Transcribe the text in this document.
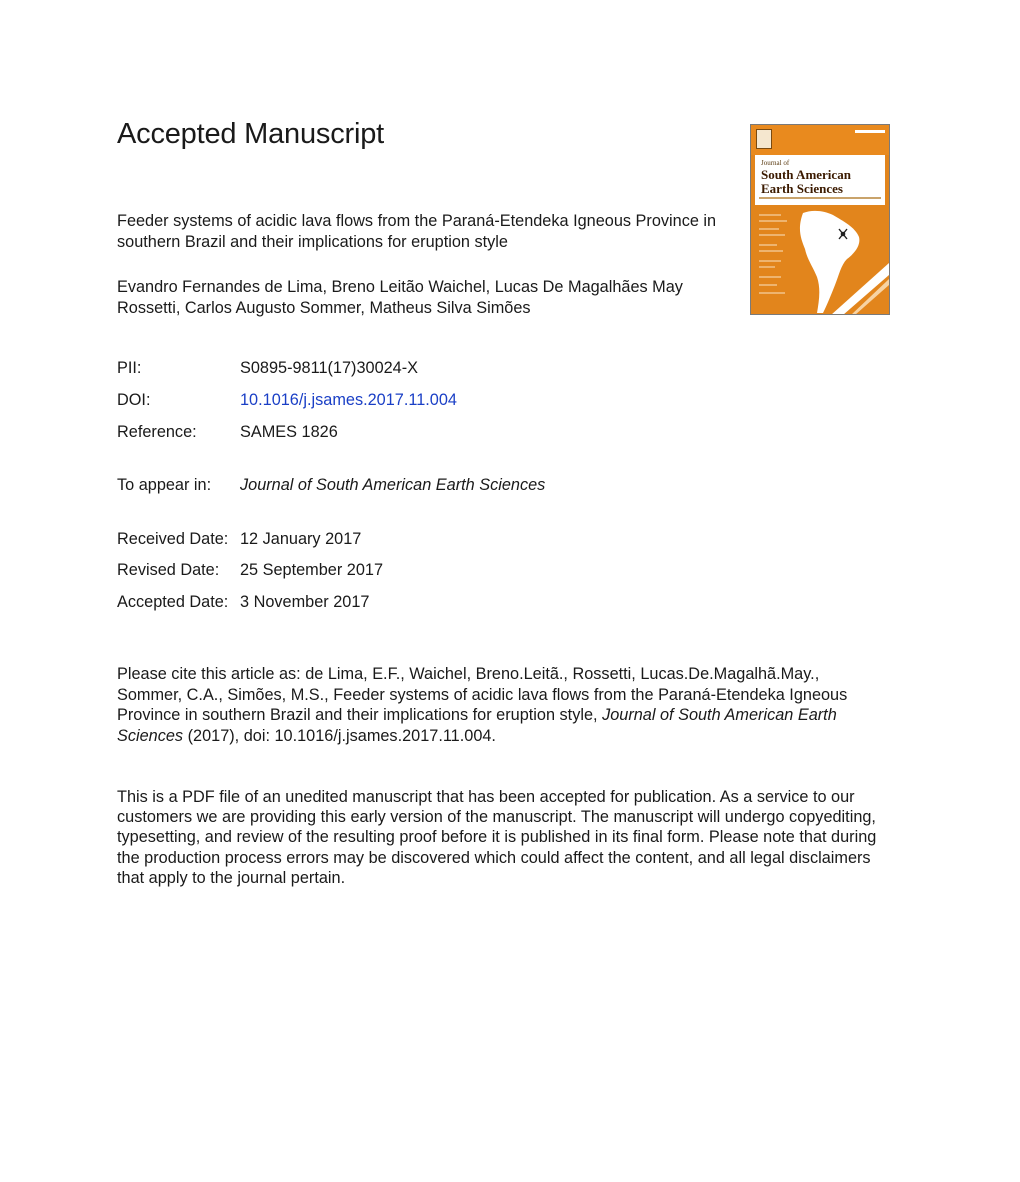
Accepted Manuscript
Feeder systems of acidic lava flows from the Paraná-Etendeka Igneous Province in southern Brazil and their implications for eruption style
Evandro Fernandes de Lima, Breno Leitão Waichel, Lucas De Magalhães May Rossetti, Carlos Augusto Sommer, Matheus Silva Simões
PII:	S0895-9811(17)30024-X
DOI:	10.1016/j.jsames.2017.11.004
Reference:	SAMES 1826
To appear in: Journal of South American Earth Sciences
Received Date: 12 January 2017
Revised Date: 25 September 2017
Accepted Date: 3 November 2017
Please cite this article as: de Lima, E.F., Waichel, Breno.Leitã., Rossetti, Lucas.De.Magalhã.May., Sommer, C.A., Simões, M.S., Feeder systems of acidic lava flows from the Paraná-Etendeka Igneous Province in southern Brazil and their implications for eruption style, Journal of South American Earth Sciences (2017), doi: 10.1016/j.jsames.2017.11.004.
This is a PDF file of an unedited manuscript that has been accepted for publication. As a service to our customers we are providing this early version of the manuscript. The manuscript will undergo copyediting, typesetting, and review of the resulting proof before it is published in its final form. Please note that during the production process errors may be discovered which could affect the content, and all legal disclaimers that apply to the journal pertain.
Journal of
South American
Earth Sciences
